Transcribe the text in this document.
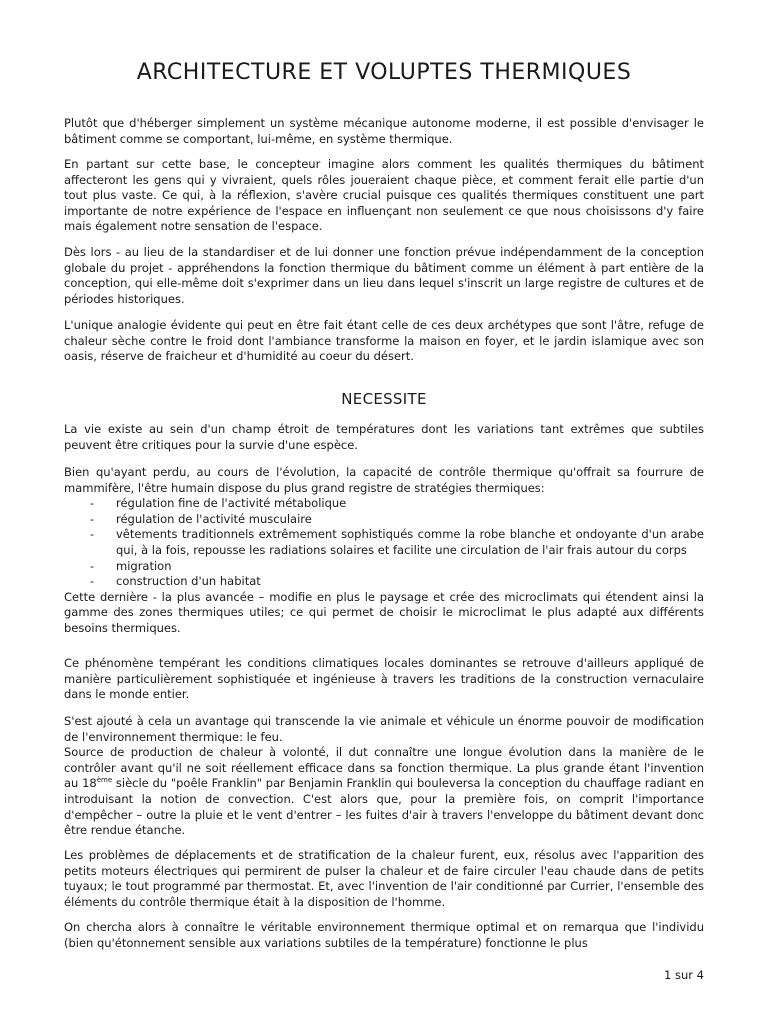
ARCHITECTURE ET VOLUPTES THERMIQUES

Plutôt que d'héberger simplement un système mécanique autonome moderne, il est possible d'envisager le bâtiment comme se comportant, lui-même, en système thermique.

En partant sur cette base, le concepteur imagine alors comment les qualités thermiques du bâtiment affecteront les gens qui y vivraient, quels rôles joueraient chaque pièce, et comment ferait elle partie d'un tout plus vaste. Ce qui, à la réflexion, s'avère crucial puisque ces qualités thermiques constituent une part importante de notre expérience de l'espace en influençant non seulement ce que nous choisissons d'y faire mais également notre sensation de l'espace.

Dès lors - au lieu de la standardiser et de lui donner une fonction prévue indépendamment de la conception globale du projet - appréhendons la fonction thermique du bâtiment comme un élément à part entière de la conception, qui elle-même doit s'exprimer dans un lieu dans lequel s'inscrit un large registre de cultures et de périodes historiques.

L'unique analogie évidente qui peut en être fait étant celle de ces deux archétypes que sont l'âtre, refuge de chaleur sèche contre le froid dont l'ambiance transforme la maison en foyer, et le jardin islamique avec son oasis, réserve de fraicheur et d'humidité au coeur du désert.

NECESSITE

La vie existe au sein d'un champ étroit de températures dont les variations tant extrêmes que subtiles peuvent être critiques pour la survie d'une espèce.

Bien qu'ayant perdu, au cours de l'évolution, la capacité de contrôle thermique qu'offrait sa fourrure de mammifère, l'être humain dispose du plus grand registre de stratégies thermiques:
- régulation fine de l'activité métabolique
- régulation de l'activité musculaire
- vêtements traditionnels extrêmement sophistiqués comme la robe blanche et ondoyante d'un arabe qui, à la fois, repousse les radiations solaires et facilite une circulation de l'air frais autour du corps
- migration
- construction d'un habitat
Cette dernière - la plus avancée – modifie en plus le paysage et crée des microclimats qui étendent ainsi la gamme des zones thermiques utiles; ce qui permet de choisir le microclimat le plus adapté aux différents besoins thermiques.

Ce phénomène tempérant les conditions climatiques locales dominantes se retrouve d'ailleurs appliqué de manière particulièrement sophistiquée et ingénieuse à travers les traditions de la construction vernaculaire dans le monde entier.

S'est ajouté à cela un avantage qui transcende la vie animale et véhicule un énorme pouvoir de modification de l'environnement thermique: le feu.
Source de production de chaleur à volonté, il dut connaître une longue évolution dans la manière de le contrôler avant qu'il ne soit réellement efficace dans sa fonction thermique. La plus grande étant l'invention au 18ème siècle du "poêle Franklin" par Benjamin Franklin qui bouleversa la conception du chauffage radiant en introduisant la notion de convection. C'est alors que, pour la première fois, on comprit l'importance d'empêcher – outre la pluie et le vent d'entrer – les fuites d'air à travers l'enveloppe du bâtiment devant donc être rendue étanche.

Les problèmes de déplacements et de stratification de la chaleur furent, eux, résolus avec l'apparition des petits moteurs électriques qui permirent de pulser la chaleur et de faire circuler l'eau chaude dans de petits tuyaux; le tout programmé par thermostat. Et, avec l'invention de l'air conditionné par Currier, l'ensemble des éléments du contrôle thermique était à la disposition de l'homme.

On chercha alors à connaître le véritable environnement thermique optimal et on remarqua que l'individu (bien qu'étonnement sensible aux variations subtiles de la température) fonctionne le plus

1 sur 4
